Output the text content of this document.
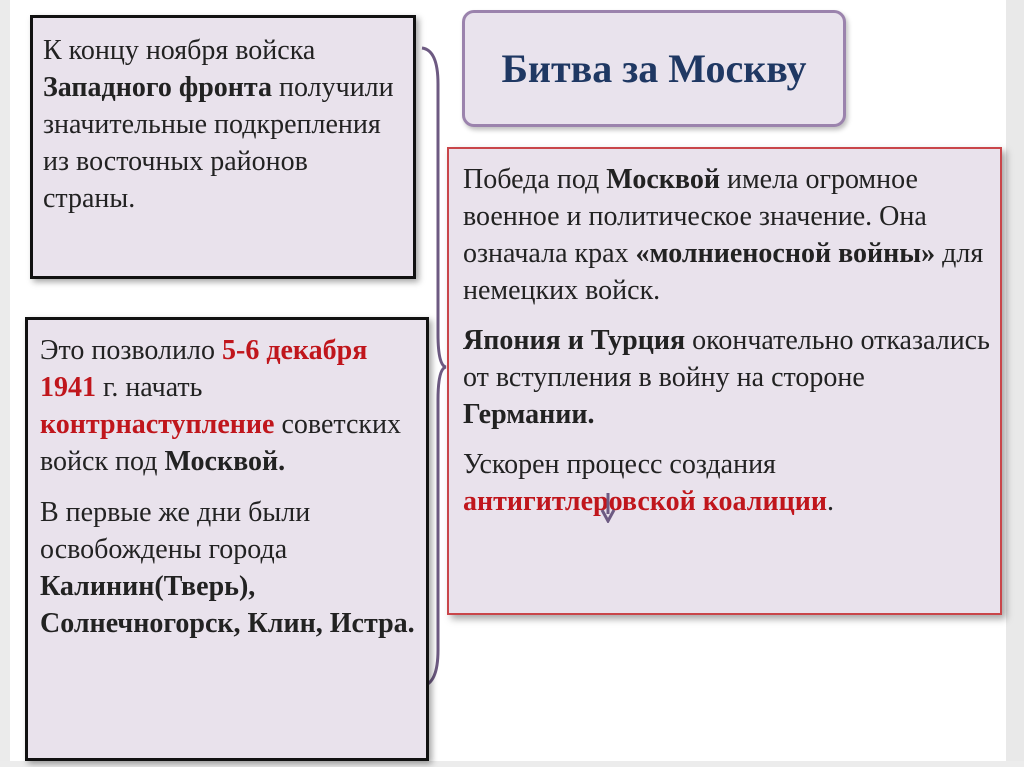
К концу ноября войска
Западного фронта получили значительные подкрепления из восточных районов страны.

Это позволило 5-6 декабря 1941 г. начать контрнаступление советских войск под Москвой.

В первые же дни были освобождены города Калинин(Тверь), Солнечногорск, Клин, Истра.

Битва за Москву

Победа под Москвой имела огромное военное и политическое значение. Она означала крах «молниеносной войны» для немецких войск.

Япония и Турция окончательно отказались от вступления в войну на стороне Германии.

Ускорен процесс создания антигитлеровской коалиции.
